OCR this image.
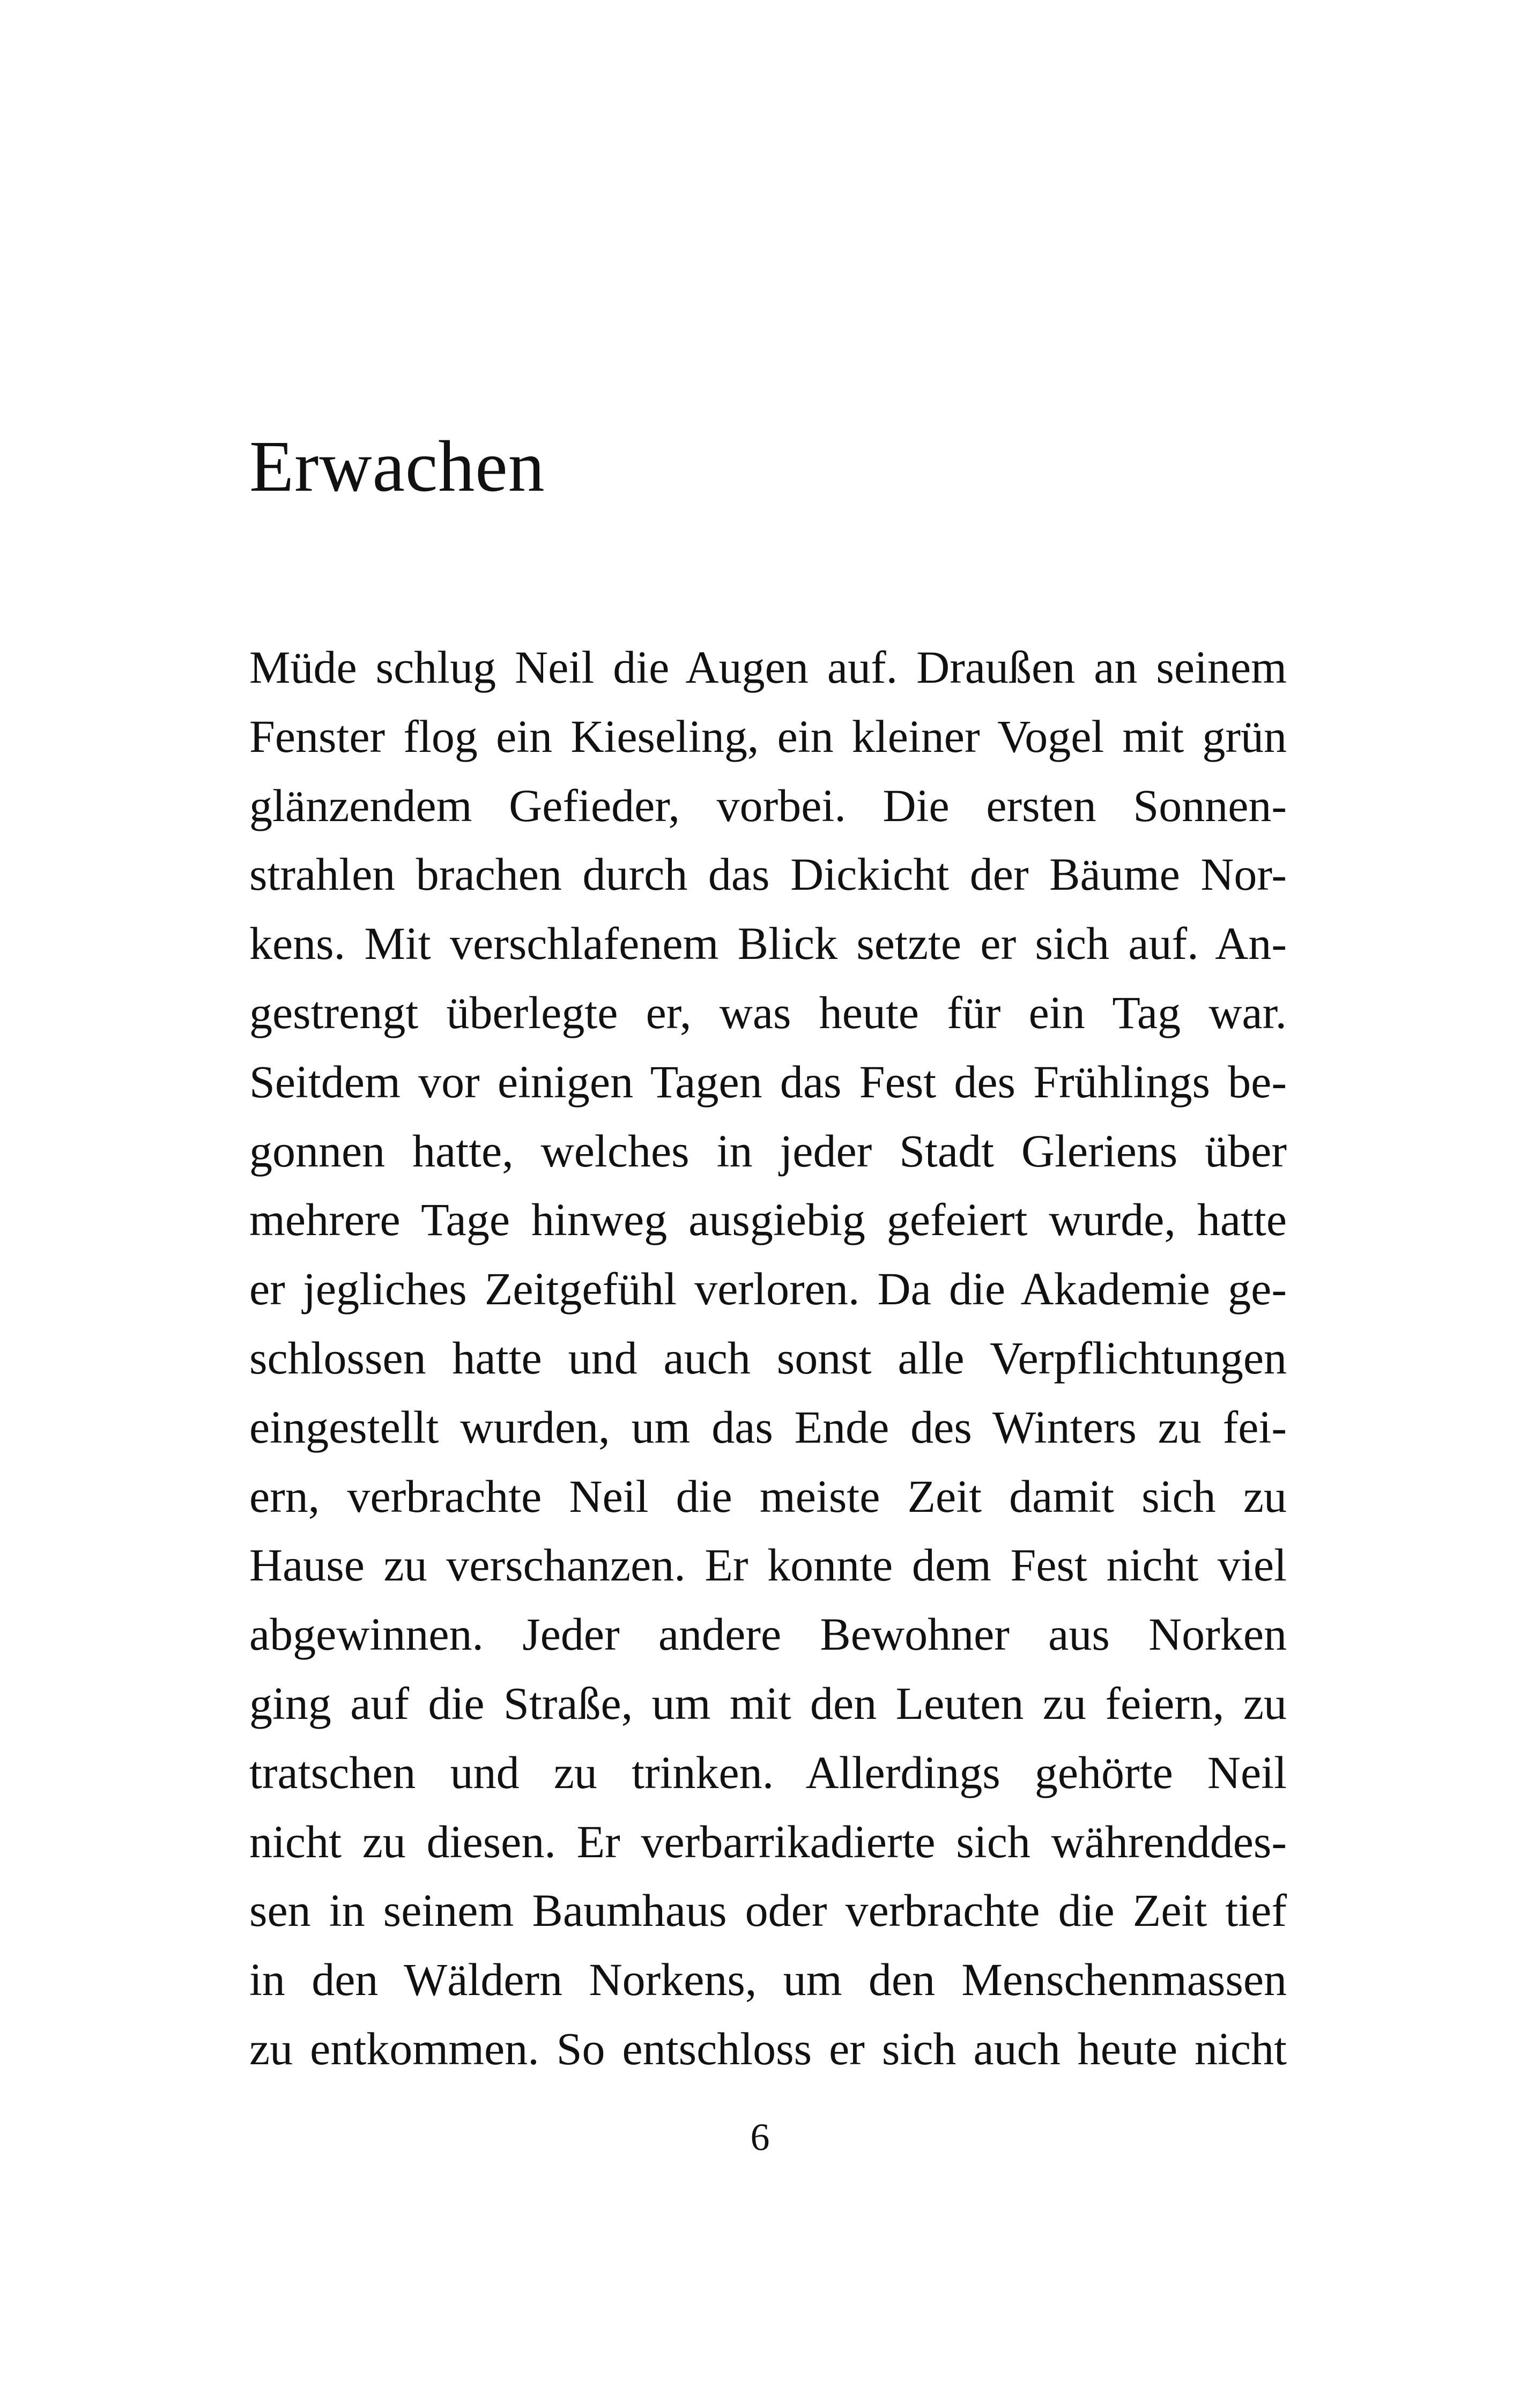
Erwachen
Müde schlug Neil die Augen auf. Draußen an seinem
Fenster flog ein Kieseling, ein kleiner Vogel mit grün
glänzendem Gefieder, vorbei. Die ersten Sonnen-
strahlen brachen durch das Dickicht der Bäume Nor-
kens. Mit verschlafenem Blick setzte er sich auf. An-
gestrengt überlegte er, was heute für ein Tag war.
Seitdem vor einigen Tagen das Fest des Frühlings be-
gonnen hatte, welches in jeder Stadt Gleriens über
mehrere Tage hinweg ausgiebig gefeiert wurde, hatte
er jegliches Zeitgefühl verloren. Da die Akademie ge-
schlossen hatte und auch sonst alle Verpflichtungen
eingestellt wurden, um das Ende des Winters zu fei-
ern, verbrachte Neil die meiste Zeit damit sich zu
Hause zu verschanzen. Er konnte dem Fest nicht viel
abgewinnen. Jeder andere Bewohner aus Norken
ging auf die Straße, um mit den Leuten zu feiern, zu
tratschen und zu trinken. Allerdings gehörte Neil
nicht zu diesen. Er verbarrikadierte sich währenddes-
sen in seinem Baumhaus oder verbrachte die Zeit tief
in den Wäldern Norkens, um den Menschenmassen
zu entkommen. So entschloss er sich auch heute nicht
6
